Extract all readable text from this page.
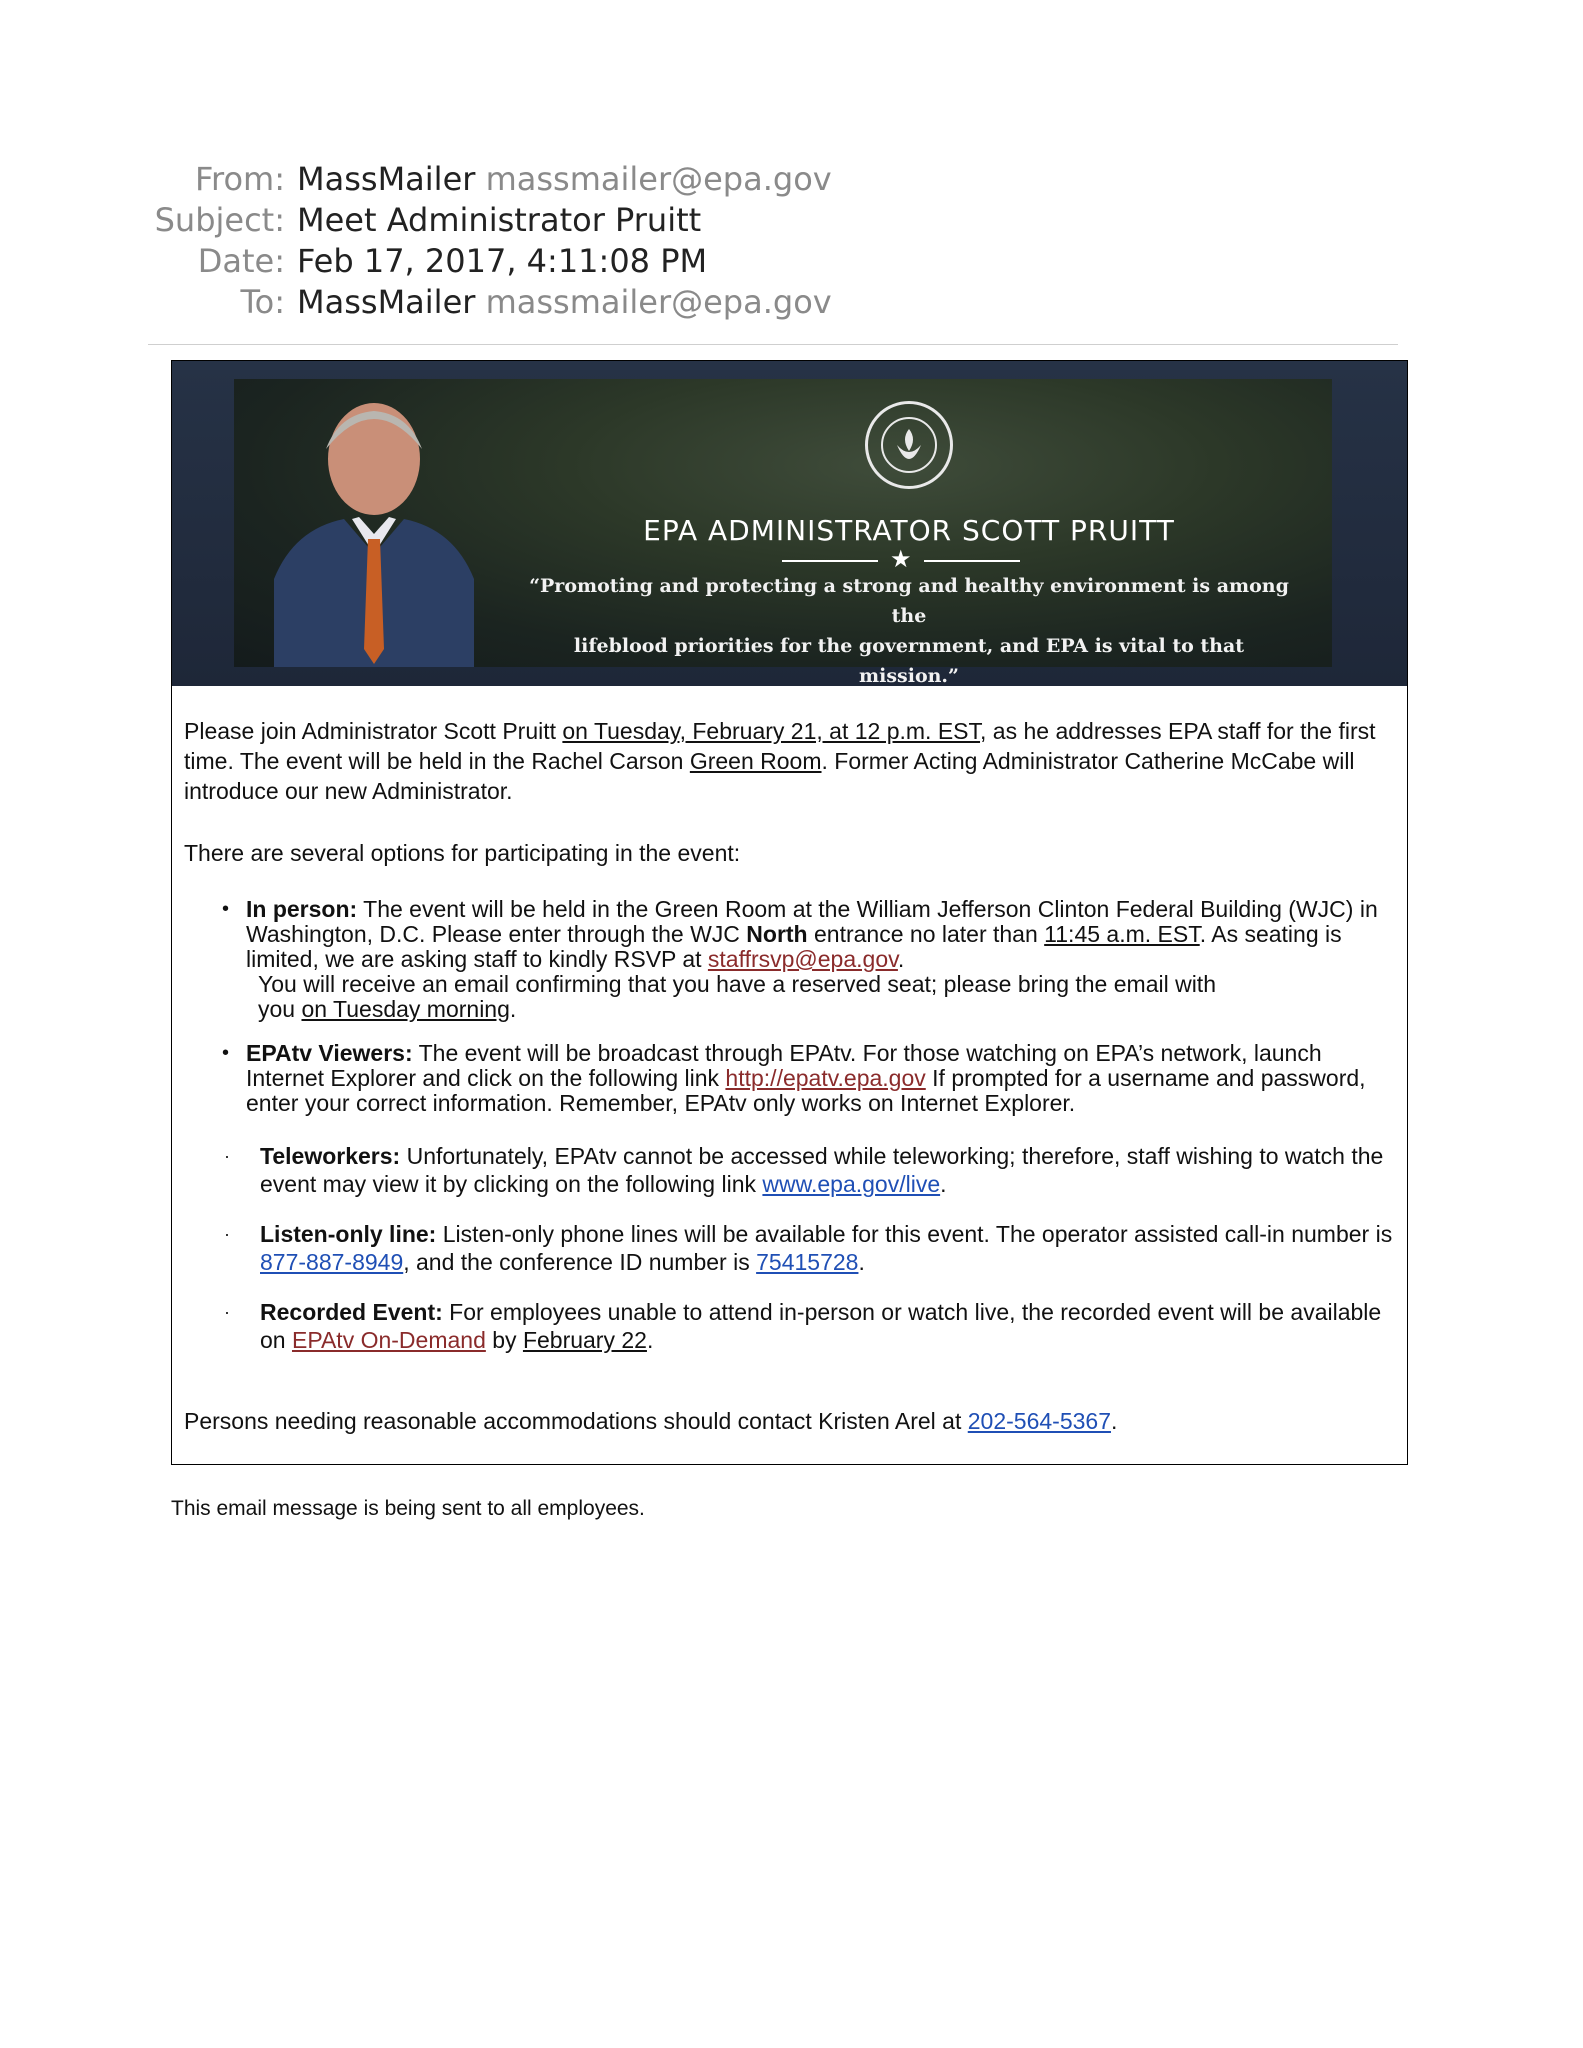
From: MassMailer massmailer@epa.gov
Subject: Meet Administrator Pruitt
Date: Feb 17, 2017, 4:11:08 PM
To: MassMailer massmailer@epa.gov
EPA ADMINISTRATOR SCOTT PRUITT
★
“Promoting and protecting a strong and healthy environment is among the
lifeblood priorities for the government, and EPA is vital to that mission.”

Please join Administrator Scott Pruitt on Tuesday, February 21, at 12 p.m. EST, as he addresses EPA staff for the first time. The event will be held in the Rachel Carson Green Room. Former Acting Administrator Catherine McCabe will introduce our new Administrator.

There are several options for participating in the event:

• In person: The event will be held in the Green Room at the William Jefferson Clinton Federal Building (WJC) in Washington, D.C. Please enter through the WJC North entrance no later than 11:45 a.m. EST. As seating is limited, we are asking staff to kindly RSVP at staffrsvp@epa.gov.
You will receive an email confirming that you have a reserved seat; please bring the email with
you on Tuesday morning.
• EPAtv Viewers: The event will be broadcast through EPAtv. For those watching on EPA’s network, launch Internet Explorer and click on the following link http://epatv.epa.gov If prompted for a username and password, enter your correct information. Remember, EPAtv only works on Internet Explorer.
· Teleworkers: Unfortunately, EPAtv cannot be accessed while teleworking; therefore, staff wishing to watch the event may view it by clicking on the following link www.epa.gov/live.
· Listen-only line: Listen-only phone lines will be available for this event. The operator assisted call-in number is 877-887-8949, and the conference ID number is 75415728.
· Recorded Event: For employees unable to attend in-person or watch live, the recorded event will be available on EPAtv On-Demand by February 22.
Persons needing reasonable accommodations should contact Kristen Arel at 202-564-5367.
This email message is being sent to all employees.
